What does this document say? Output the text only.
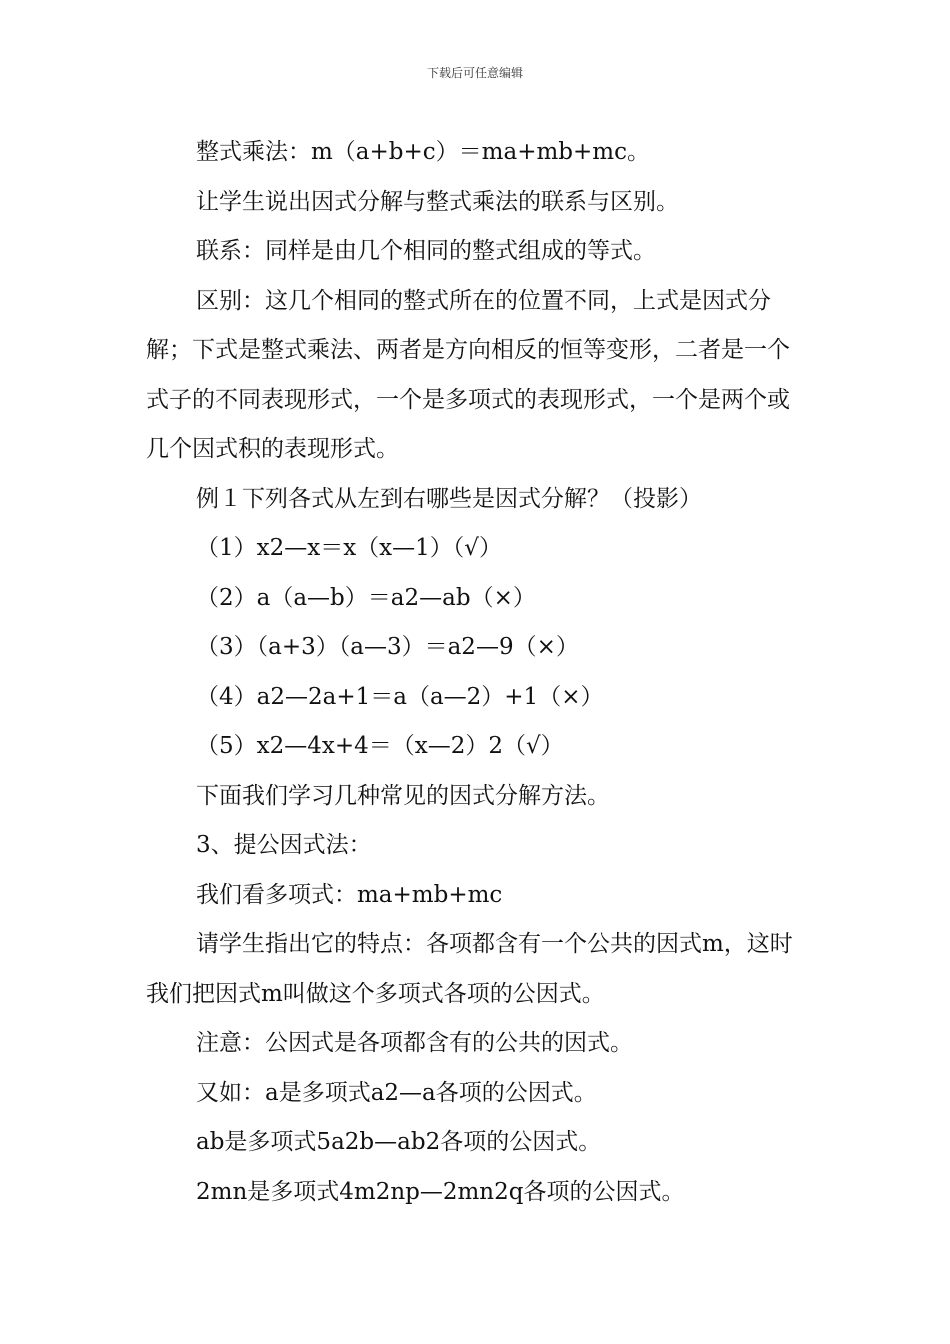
下载后可任意编辑

整式乘法：m（a+b+c）＝ma+mb+mc。

让学生说出因式分解与整式乘法的联系与区别。

联系：同样是由几个相同的整式组成的等式。

区别：这几个相同的整式所在的位置不同，上式是因式分解；下式是整式乘法、两者是方向相反的恒等变形，二者是一个式子的不同表现形式，一个是多项式的表现形式，一个是两个或几个因式积的表现形式。

例１下列各式从左到右哪些是因式分解？（投影）

（1）x2—x＝x（x—1）（√）

（2）a（a—b）＝a2—ab（×）

（3）（a+3）（a—3）＝a2—9（×）

（4）a2—2a+1＝a（a—2）+1（×）

（5）x2—4x+4＝（x—2）2（√）

下面我们学习几种常见的因式分解方法。

3、提公因式法：

我们看多项式：ma+mb+mc

请学生指出它的特点：各项都含有一个公共的因式m，这时我们把因式m叫做这个多项式各项的公因式。

注意：公因式是各项都含有的公共的因式。

又如：a是多项式a2—a各项的公因式。

ab是多项式5a2b—ab2各项的公因式。

2mn是多项式4m2np—2mn2q各项的公因式。
